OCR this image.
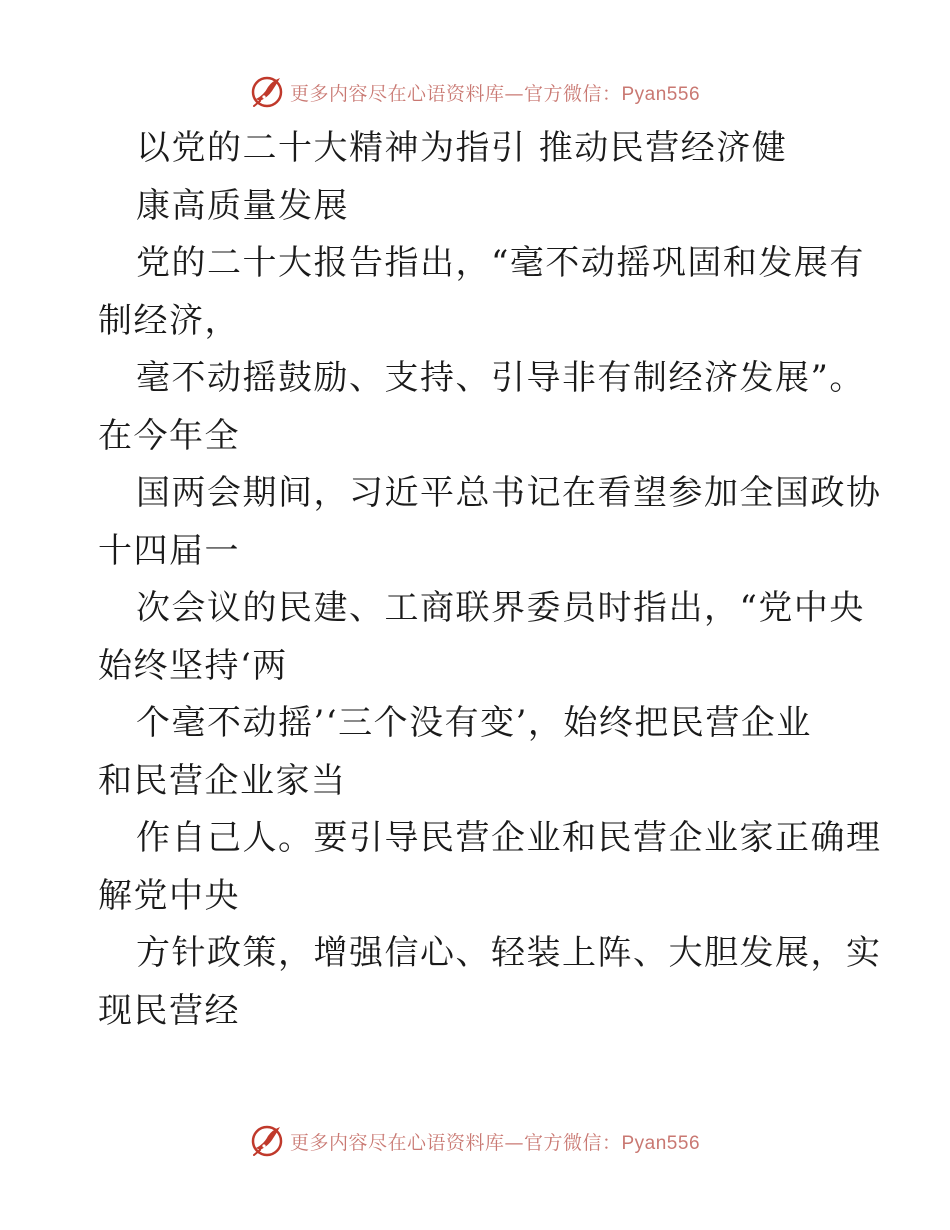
更多内容尽在心语资料库—官方微信：Pyan556
以党的二十大精神为指引 推动民营经济健
康高质量发展
党的二十大报告指出，“毫不动摇巩固和发展有
制经济，
毫不动摇鼓励、支持、引导非有制经济发展”。
在今年全
国两会期间，习近平总书记在看望参加全国政协
十四届一
次会议的民建、工商联界委员时指出，“党中央
始终坚持‘两
个毫不动摇’‘三个没有变’，始终把民营企业
和民营企业家当
作自己人。要引导民营企业和民营企业家正确理
解党中央
方针政策，增强信心、轻装上阵、大胆发展，实
现民营经
更多内容尽在心语资料库—官方微信：Pyan556
